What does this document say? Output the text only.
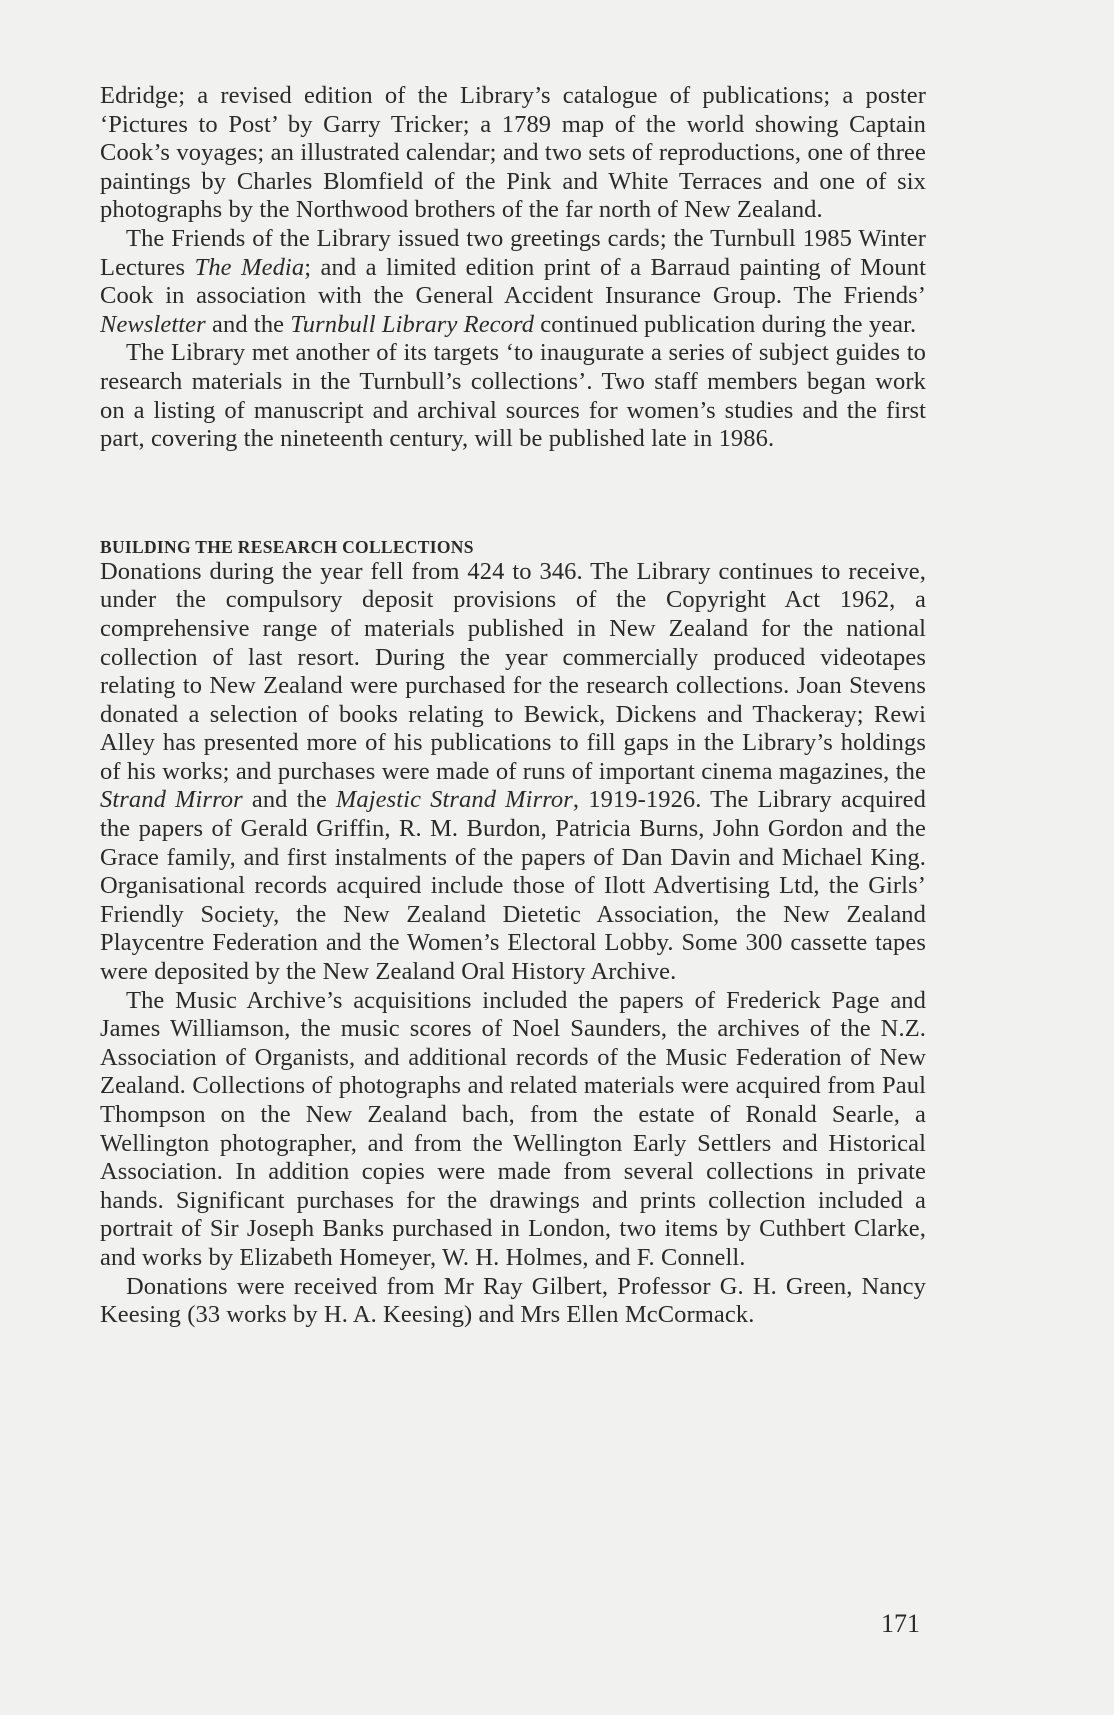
Edridge; a revised edition of the Library’s catalogue of publications; a poster ‘Pictures to Post’ by Garry Tricker; a 1789 map of the world showing Captain Cook’s voyages; an illustrated calendar; and two sets of reproductions, one of three paintings by Charles Blomfield of the Pink and White Terraces and one of six photographs by the Northwood brothers of the far north of New Zealand.

The Friends of the Library issued two greetings cards; the Turnbull 1985 Winter Lectures The Media; and a limited edition print of a Barraud painting of Mount Cook in association with the General Accident Insurance Group. The Friends’ Newsletter and the Turnbull Library Record continued publication during the year.

The Library met another of its targets ‘to inaugurate a series of subject guides to research materials in the Turnbull’s collections’. Two staff members began work on a listing of manuscript and archival sources for women’s studies and the first part, covering the nineteenth century, will be published late in 1986.

BUILDING THE RESEARCH COLLECTIONS

Donations during the year fell from 424 to 346. The Library continues to receive, under the compulsory deposit provisions of the Copyright Act 1962, a comprehensive range of materials published in New Zealand for the national collection of last resort. During the year commercially produced videotapes relating to New Zealand were purchased for the research collections. Joan Stevens donated a selection of books relating to Bewick, Dickens and Thackeray; Rewi Alley has presented more of his publications to fill gaps in the Library’s holdings of his works; and purchases were made of runs of important cinema magazines, the Strand Mirror and the Majestic Strand Mirror, 1919-1926. The Library acquired the papers of Gerald Griffin, R. M. Burdon, Patricia Burns, John Gordon and the Grace family, and first instalments of the papers of Dan Davin and Michael King. Organisational records acquired include those of Ilott Advertising Ltd, the Girls’ Friendly Society, the New Zealand Dietetic Association, the New Zealand Playcentre Federation and the Women’s Electoral Lobby. Some 300 cassette tapes were deposited by the New Zealand Oral History Archive.

The Music Archive’s acquisitions included the papers of Frederick Page and James Williamson, the music scores of Noel Saunders, the archives of the N.Z. Association of Organists, and additional records of the Music Federation of New Zealand. Collections of photographs and related materials were acquired from Paul Thompson on the New Zealand bach, from the estate of Ronald Searle, a Wellington photographer, and from the Wellington Early Settlers and Historical Association. In addition copies were made from several collections in private hands. Significant purchases for the drawings and prints collection included a portrait of Sir Joseph Banks purchased in London, two items by Cuthbert Clarke, and works by Elizabeth Homeyer, W. H. Holmes, and F. Connell.

Donations were received from Mr Ray Gilbert, Professor G. H. Green, Nancy Keesing (33 works by H. A. Keesing) and Mrs Ellen McCormack.

171
